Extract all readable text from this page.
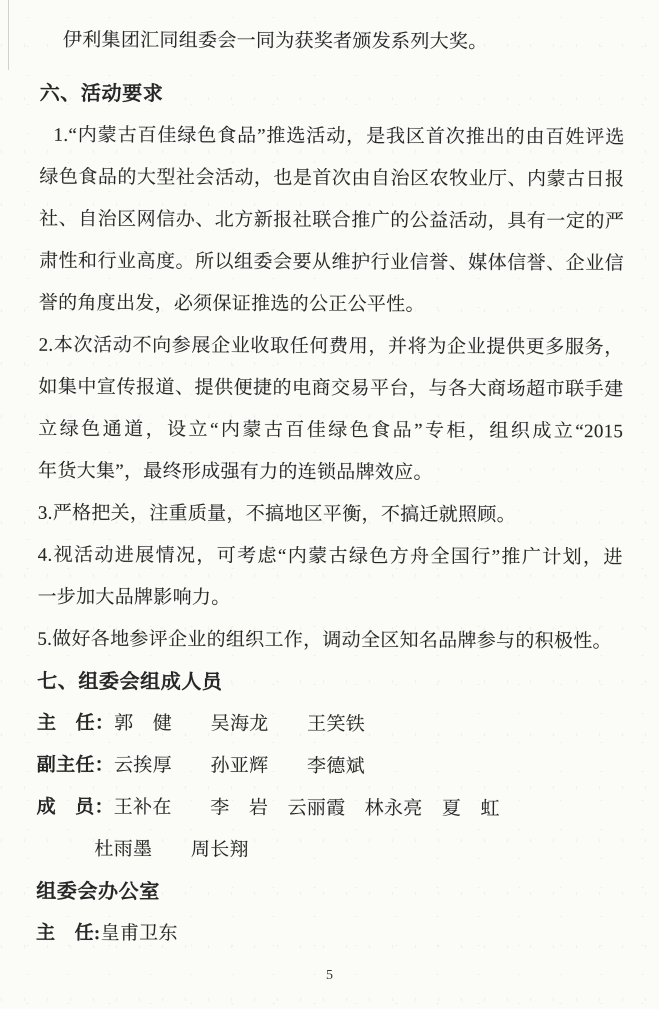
伊利集团汇同组委会一同为获奖者颁发系列大奖。
六、活动要求
1.“内蒙古百佳绿色食品”推选活动，是我区首次推出的由百姓评选
绿色食品的大型社会活动，也是首次由自治区农牧业厅、内蒙古日报
社、自治区网信办、北方新报社联合推广的公益活动，具有一定的严
肃性和行业高度。所以组委会要从维护行业信誉、媒体信誉、企业信
誉的角度出发，必须保证推选的公正公平性。
2.本次活动不向参展企业收取任何费用，并将为企业提供更多服务，
如集中宣传报道、提供便捷的电商交易平台，与各大商场超市联手建
立绿色通道，设立“内蒙古百佳绿色食品”专柜，组织成立“2015
年货大集”，最终形成强有力的连锁品牌效应。
3.严格把关，注重质量，不搞地区平衡，不搞迁就照顾。
4.视活动进展情况，可考虑“内蒙古绿色方舟全国行”推广计划，进
一步加大品牌影响力。
5.做好各地参评企业的组织工作，调动全区知名品牌参与的积极性。
七、组委会组成人员
主　任： 郭　健　　吴海龙　　王笑铁
副主任： 云挨厚　　孙亚辉　　李德斌
成　员： 王补在　　李　岩　云丽霞　林永亮　夏　虹
杜雨墨　　周长翔
组委会办公室
主　任: 皇甫卫东
5
